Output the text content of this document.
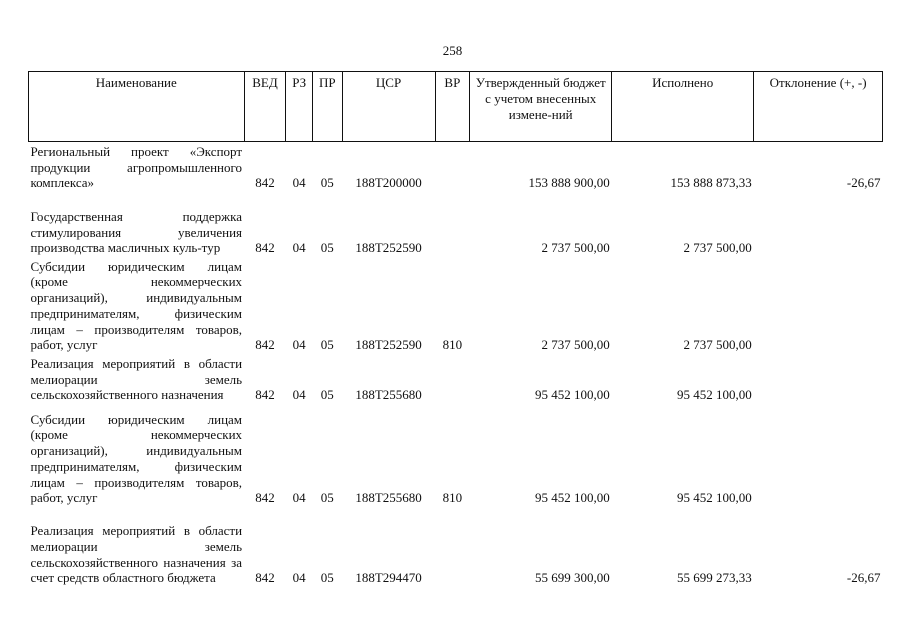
258
Наименование	ВЕД	РЗ	ПР	ЦСР	ВР	Утвержденный бюджет с учетом внесенных измене-ний	Исполнено	Отклонение (+, -)
Региональный проект «Экспорт продукции агропромышленного комплекса»	842	04	05	188T200000		153 888 900,00	153 888 873,33	-26,67
Государственная поддержка стимулирования увеличения производства масличных куль-тур	842	04	05	188T252590		2 737 500,00	2 737 500,00	
Субсидии юридическим лицам (кроме некоммерческих организаций), индивидуальным предпринимателям, физическим лицам – производителям товаров, работ, услуг	842	04	05	188T252590	810	2 737 500,00	2 737 500,00	
Реализация мероприятий в области мелиорации земель сельскохозяйственного назначения	842	04	05	188T255680		95 452 100,00	95 452 100,00	
Субсидии юридическим лицам (кроме некоммерческих организаций), индивидуальным предпринимателям, физическим лицам – производителям товаров, работ, услуг	842	04	05	188T255680	810	95 452 100,00	95 452 100,00	
Реализация мероприятий в области мелиорации земель сельскохозяйственного назначения за счет средств областного бюджета	842	04	05	188T294470		55 699 300,00	55 699 273,33	-26,67
